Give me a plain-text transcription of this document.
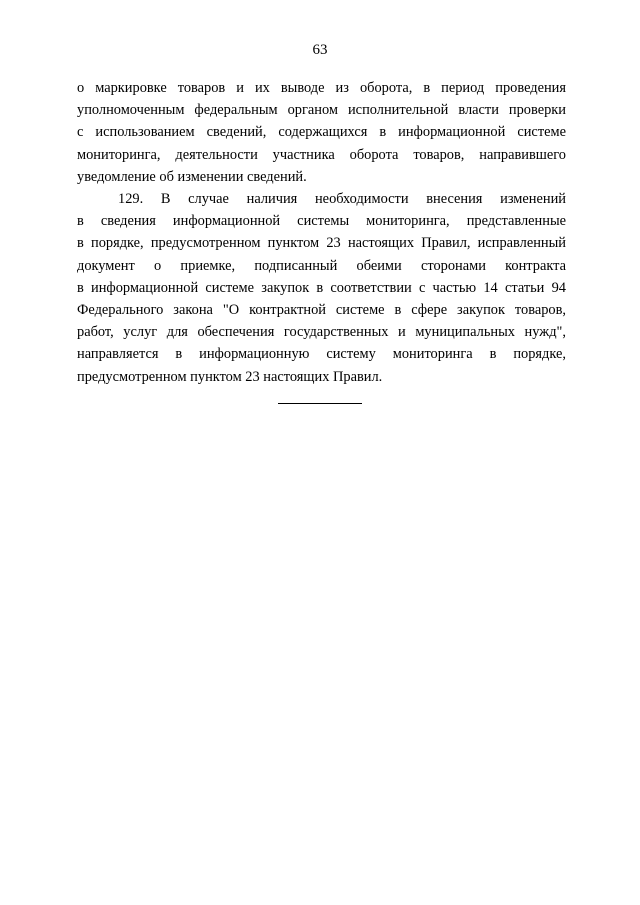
63

о маркировке товаров и их выводе из оборота, в период проведения
уполномоченным федеральным органом исполнительной власти проверки
с использованием сведений, содержащихся в информационной системе
мониторинга, деятельности участника оборота товаров, направившего
уведомление об изменении сведений.

129. В случае наличия необходимости внесения изменений
в сведения информационной системы мониторинга, представленные
в порядке, предусмотренном пунктом 23 настоящих Правил, исправленный
документ о приемке, подписанный обеими сторонами контракта
в информационной системе закупок в соответствии с частью 14 статьи 94
Федерального закона "О контрактной системе в сфере закупок товаров,
работ, услуг для обеспечения государственных и муниципальных нужд",
направляется в информационную систему мониторинга в порядке,
предусмотренном пунктом 23 настоящих Правил.
